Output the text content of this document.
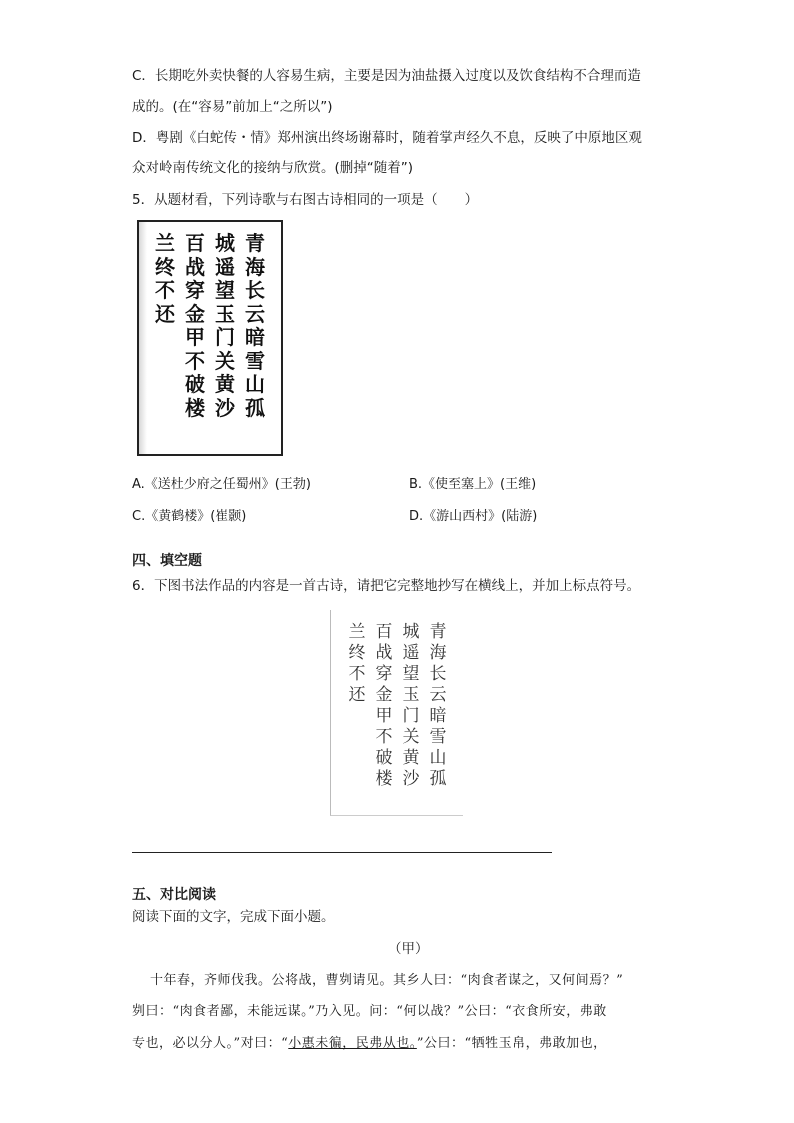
C．长期吃外卖快餐的人容易生病，主要是因为油盐摄入过度以及饮食结构不合理而造
成的。(在“容易”前加上“之所以”)
D．粤剧《白蛇传・情》郑州演出终场谢幕时，随着掌声经久不息，反映了中原地区观
众对岭南传统文化的接纳与欣赏。(删掉“随着”)
5．从题材看，下列诗歌与右图古诗相同的一项是（　　）
青
海
长
云
暗
雪
山
孤
城
遥
望
玉
门
关
黄
沙
百
战
穿
金
甲
不
破
楼
兰
终
不
还
A.《送杜少府之任蜀州》(王勃)	B.《使至塞上》(王维)
C.《黄鹤楼》(崔颢)	D.《游山西村》(陆游)
四、填空题
6．下图书法作品的内容是一首古诗，请把它完整地抄写在横线上，并加上标点符号。
青
海
长
云
暗
雪
山
孤
城
遥
望
玉
门
关
黄
沙
百
战
穿
金
甲
不
破
楼
兰
终
不
还
五、对比阅读
阅读下面的文字，完成下面小题。
（甲）
十年春，齐师伐我。公将战，曹刿请见。其乡人曰：“肉食者谋之，又何间焉？”
刿曰：“肉食者鄙，未能远谋。”乃入见。问：“何以战？”公曰：“衣食所安，弗敢
专也，必以分人。”对曰：“小惠未徧，民弗从也。”公曰：“牺牲玉帛，弗敢加也，
